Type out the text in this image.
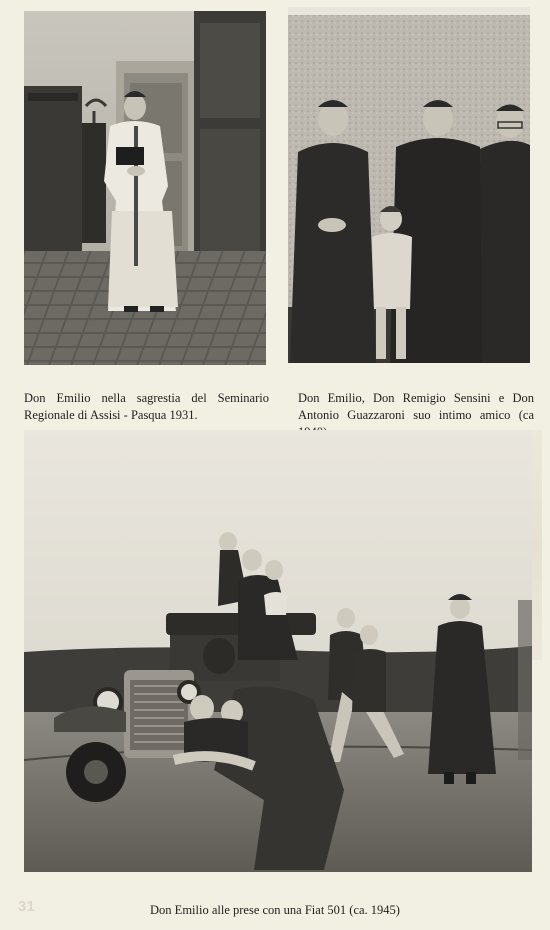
Don Emilio nella sagrestia del Seminario Regionale di Assisi - Pasqua 1931.
Don Emilio, Don Remigio Sensini e Don Antonio Guazzaroni suo intimo amico (ca
31	Don Emilio alle prese con una Fiat 501 (ca. 1945)
